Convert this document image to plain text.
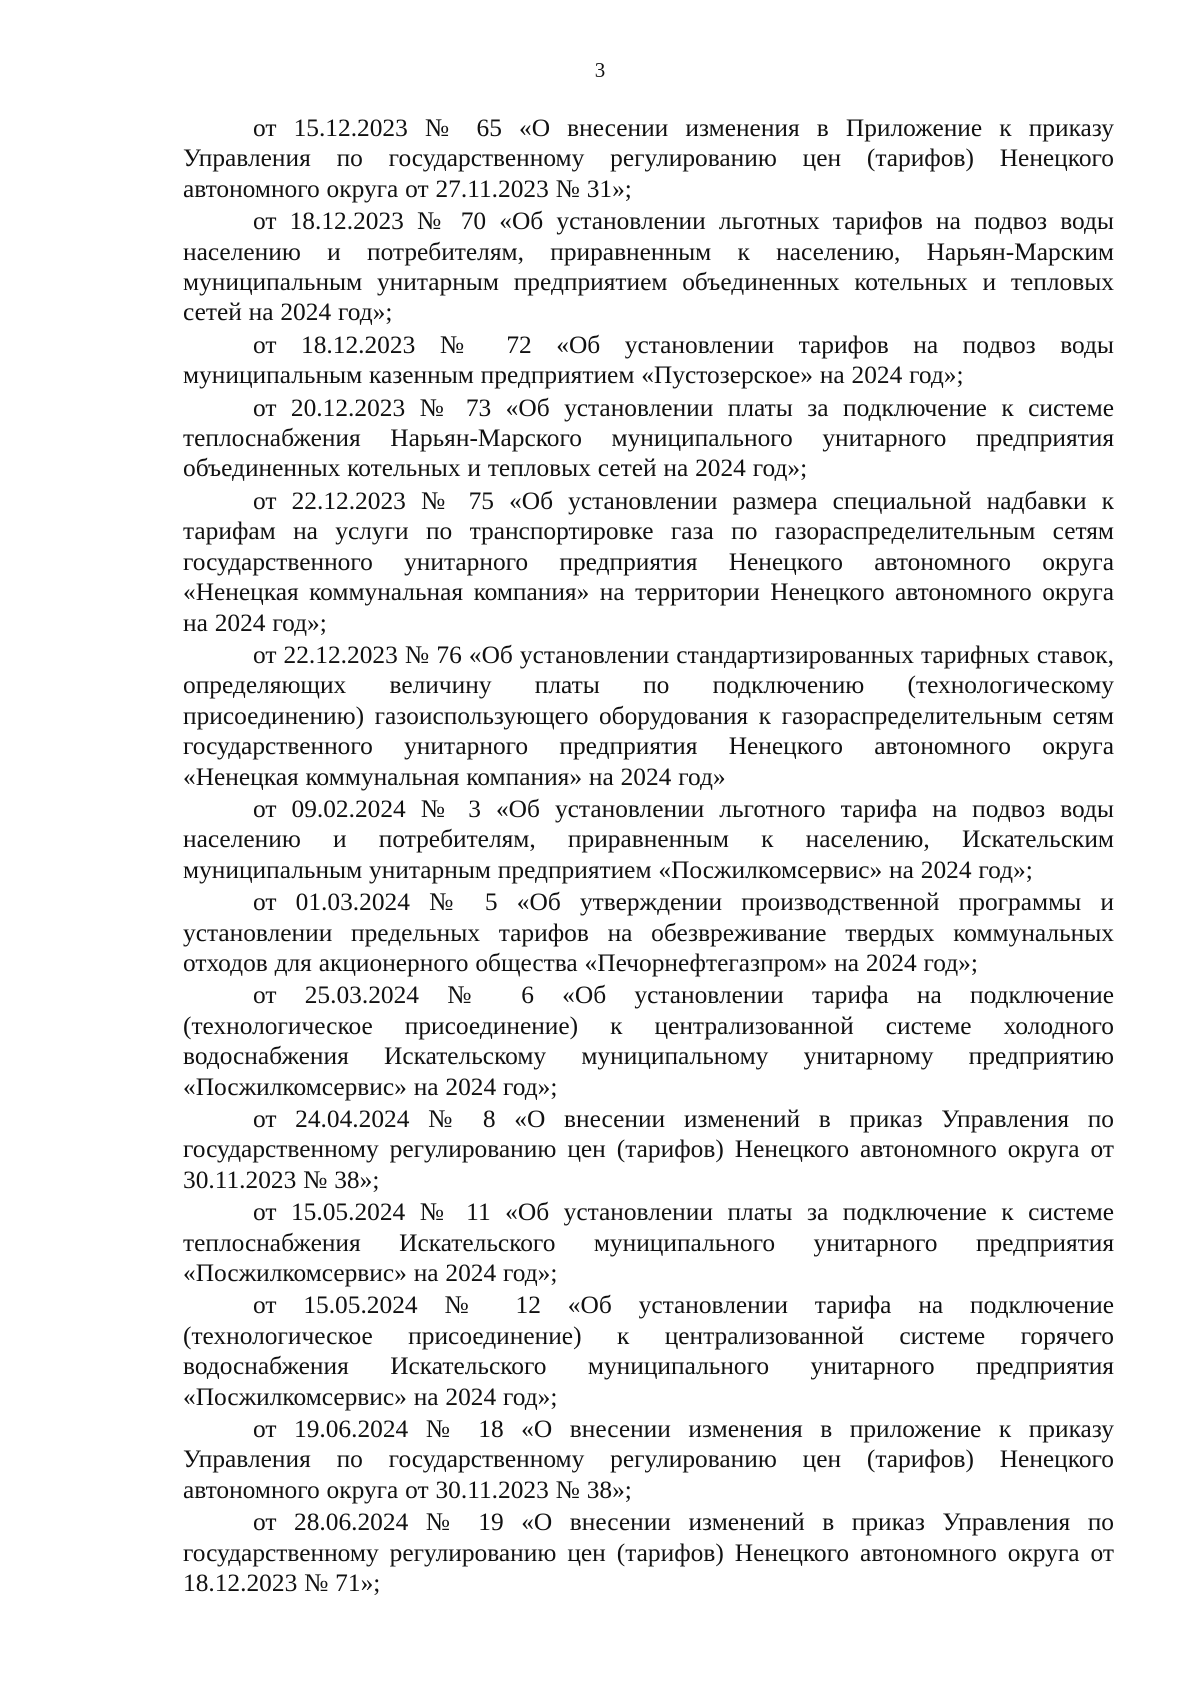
3

от 15.12.2023 № 65 «О внесении изменения в Приложение к приказу Управления по государственному регулированию цен (тарифов) Ненецкого автономного округа от 27.11.2023 № 31»;

от 18.12.2023 № 70 «Об установлении льготных тарифов на подвоз воды населению и потребителям, приравненным к населению, Нарьян-Марским муниципальным унитарным предприятием объединенных котельных и тепловых сетей на 2024 год»;

от 18.12.2023 № 72 «Об установлении тарифов на подвоз воды муниципальным казенным предприятием «Пустозерское» на 2024 год»;

от 20.12.2023 № 73 «Об установлении платы за подключение к системе теплоснабжения Нарьян-Марского муниципального унитарного предприятия объединенных котельных и тепловых сетей на 2024 год»;

от 22.12.2023 № 75 «Об установлении размера специальной надбавки к тарифам на услуги по транспортировке газа по газораспределительным сетям государственного унитарного предприятия Ненецкого автономного округа «Ненецкая коммунальная компания» на территории Ненецкого автономного округа на 2024 год»;

от 22.12.2023 № 76 «Об установлении стандартизированных тарифных ставок, определяющих величину платы по подключению (технологическому присоединению) газоиспользующего оборудования к газораспределительным сетям государственного унитарного предприятия Ненецкого автономного округа «Ненецкая коммунальная компания» на 2024 год»

от 09.02.2024 № 3 «Об установлении льготного тарифа на подвоз воды населению и потребителям, приравненным к населению, Искательским муниципальным унитарным предприятием «Посжилкомсервис» на 2024 год»;

от 01.03.2024 № 5 «Об утверждении производственной программы и установлении предельных тарифов на обезвреживание твердых коммунальных отходов для акционерного общества «Печорнефтегазпром» на 2024 год»;

от 25.03.2024 № 6 «Об установлении тарифа на подключение (технологическое присоединение) к централизованной системе холодного водоснабжения Искательскому муниципальному унитарному предприятию «Посжилкомсервис» на 2024 год»;

от 24.04.2024 № 8 «О внесении изменений в приказ Управления по государственному регулированию цен (тарифов) Ненецкого автономного округа от 30.11.2023 № 38»;

от 15.05.2024 № 11 «Об установлении платы за подключение к системе теплоснабжения Искательского муниципального унитарного предприятия «Посжилкомсервис» на 2024 год»;

от 15.05.2024 № 12 «Об установлении тарифа на подключение (технологическое присоединение) к централизованной системе горячего водоснабжения Искательского муниципального унитарного предприятия «Посжилкомсервис» на 2024 год»;

от 19.06.2024 № 18 «О внесении изменения в приложение к приказу Управления по государственному регулированию цен (тарифов) Ненецкого автономного округа от 30.11.2023 № 38»;

от 28.06.2024 № 19 «О внесении изменений в приказ Управления по государственному регулированию цен (тарифов) Ненецкого автономного округа от 18.12.2023 № 71»;
